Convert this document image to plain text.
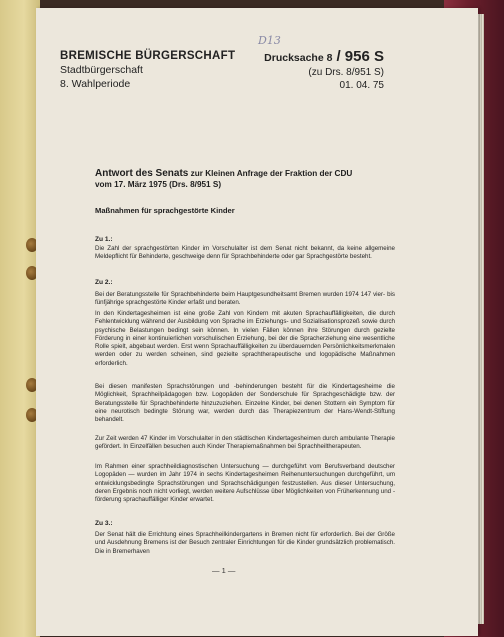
D13
BREMISCHE BÜRGERSCHAFT
Stadtbürgerschaft
8. Wahlperiode
Drucksache 8 / 956 S
(zu Drs. 8/951 S)
01. 04. 75
Antwort des Senats zur Kleinen Anfrage der Fraktion der CDU
vom 17. März 1975 (Drs. 8/951 S)
Maßnahmen für sprachgestörte Kinder
Zu 1.:
Die Zahl der sprachgestörten Kinder im Vorschulalter ist dem Senat nicht bekannt, da keine allgemeine Meldepflicht für Behinderte, geschweige denn für Sprachbehinderte oder gar Sprachgestörte besteht.
Zu 2.:
Bei der Beratungsstelle für Sprachbehinderte beim Hauptgesundheitsamt Bremen wurden 1974 147 vier- bis fünfjährige sprachgestörte Kinder erfaßt und beraten.
In den Kindertagesheimen ist eine große Zahl von Kindern mit akuten Sprachauffälligkeiten, die durch Fehlentwicklung während der Ausbildung von Sprache im Erziehungs- und Sozialisationsprozeß sowie durch psychische Belastungen bedingt sein können. In vielen Fällen können ihre Störungen durch gezielte Förderung in einer kontinuierlichen vorschulischen Erziehung, bei der die Spracherziehung eine wesentliche Rolle spielt, abgebaut werden. Erst wenn Sprachauffälligkeiten zu überdauernden Persönlichkeitsmerkmalen werden oder zu werden scheinen, sind gezielte sprachtherapeutische und logopädische Maßnahmen erforderlich.
Bei diesen manifesten Sprachstörungen und -behinderungen besteht für die Kindertagesheime die Möglichkeit, Sprachheilpädagogen bzw. Logopäden der Sonderschule für Sprachgeschädigte bzw. der Beratungsstelle für Sprachbehinderte hinzuzuziehen. Einzelne Kinder, bei denen Stottern ein Symptom für eine neurotisch bedingte Störung war, werden durch das Therapiezentrum der Hans-Wendt-Stiftung behandelt.
Zur Zeit werden 47 Kinder im Vorschulalter in den städtischen Kindertagesheimen durch ambulante Therapie gefördert. In Einzelfällen besuchen auch Kinder Therapiemaßnahmen bei Sprachheiltherapeuten.
Im Rahmen einer sprachheildiagnostischen Untersuchung — durchgeführt vom Berufsverband deutscher Logopäden — wurden im Jahr 1974 in sechs Kindertagesheimen Reihenuntersuchungen durchgeführt, um entwicklungsbedingte Sprachstörungen und Sprachschädigungen festzustellen. Aus dieser Untersuchung, deren Ergebnis noch nicht vorliegt, werden weitere Aufschlüsse über Möglichkeiten von Früherkennung und -förderung sprachauffälliger Kinder erwartet.
Zu 3.:
Der Senat hält die Errichtung eines Sprachheilkindergartens in Bremen nicht für erforderlich. Bei der Größe und Ausdehnung Bremens ist der Besuch zentraler Einrichtungen für die Kinder grundsätzlich problematisch. Die in Bremerhaven
— 1 —
